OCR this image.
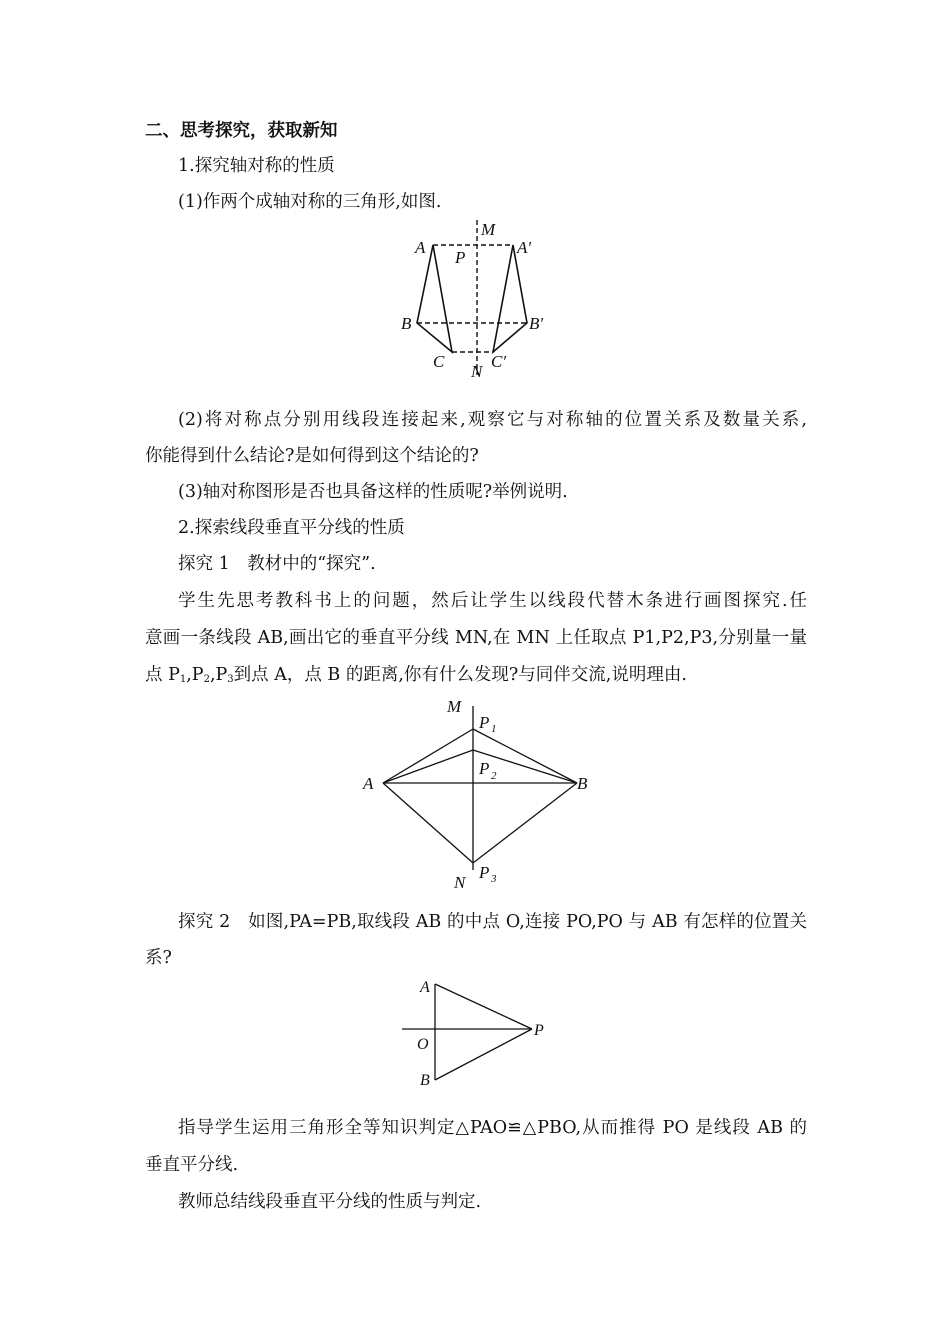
二、思考探究，获取新知
1.探究轴对称的性质
(1)作两个成轴对称的三角形,如图.
M
A
P
A′
B	B′
C
N
C′
(2)将对称点分别用线段连接起来,观察它与对称轴的位置关系及数量关系,
你能得到什么结论?是如何得到这个结论的?
(3)轴对称图形是否也具备这样的性质呢?举例说明.
2.探索线段垂直平分线的性质
探究 1　教材中的“探究”.
学生先思考教科书上的问题，然后让学生以线段代替木条进行画图探究.任
意画一条线段 AB,画出它的垂直平分线 MN,在 MN 上任取点 P1,P2,P3,分别量一量
点 $P_1,P_2,P_3$到点 A，点 B 的距离,你有什么发现?与同伴交流,说明理由.
M
P 1
P 2
A	B
N
P 3
探究 2　如图,PA=PB,取线段 AB 的中点 O,连接 PO,PO 与 AB 有怎样的位置关
系?
A
O
P
B
指导学生运用三角形全等知识判定△PAO≌△PBO,从而推得 PO 是线段 AB 的
垂直平分线.
教师总结线段垂直平分线的性质与判定.
